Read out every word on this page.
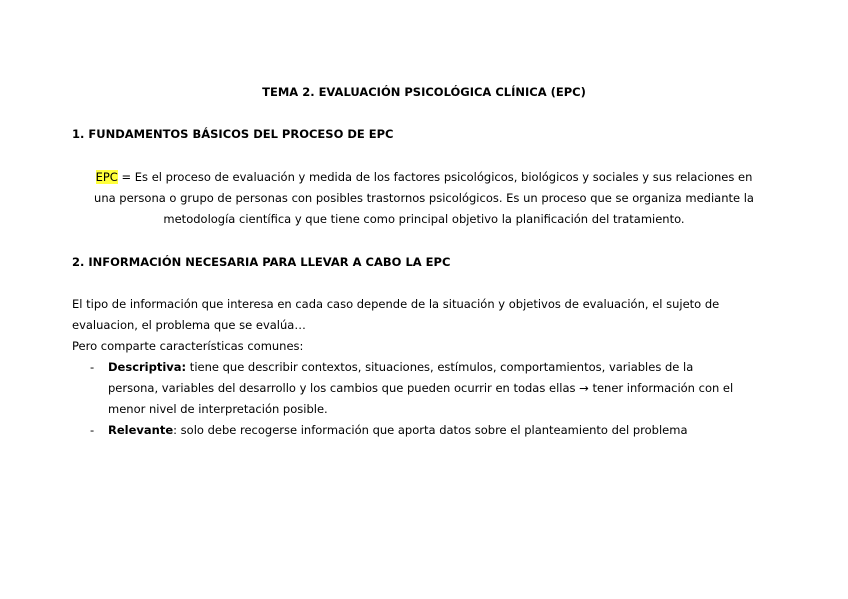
TEMA 2. EVALUACIÓN PSICOLÓGICA CLÍNICA (EPC)
1. FUNDAMENTOS BÁSICOS DEL PROCESO DE EPC
EPC = Es el proceso de evaluación y medida de los factores psicológicos, biológicos y sociales y sus relaciones en
una persona o grupo de personas con posibles trastornos psicológicos. Es un proceso que se organiza mediante la
metodología científica y que tiene como principal objetivo la planificación del tratamiento.
2. INFORMACIÓN NECESARIA PARA LLEVAR A CABO LA EPC
El tipo de información que interesa en cada caso depende de la situación y objetivos de evaluación, el sujeto de
evaluacion, el problema que se evalúa…
Pero comparte características comunes:
- Descriptiva: tiene que describir contextos, situaciones, estímulos, comportamientos, variables de la
persona, variables del desarrollo y los cambios que pueden ocurrir en todas ellas → tener información con el
menor nivel de interpretación posible.
- Relevante: solo debe recogerse información que aporta datos sobre el planteamiento del problema
